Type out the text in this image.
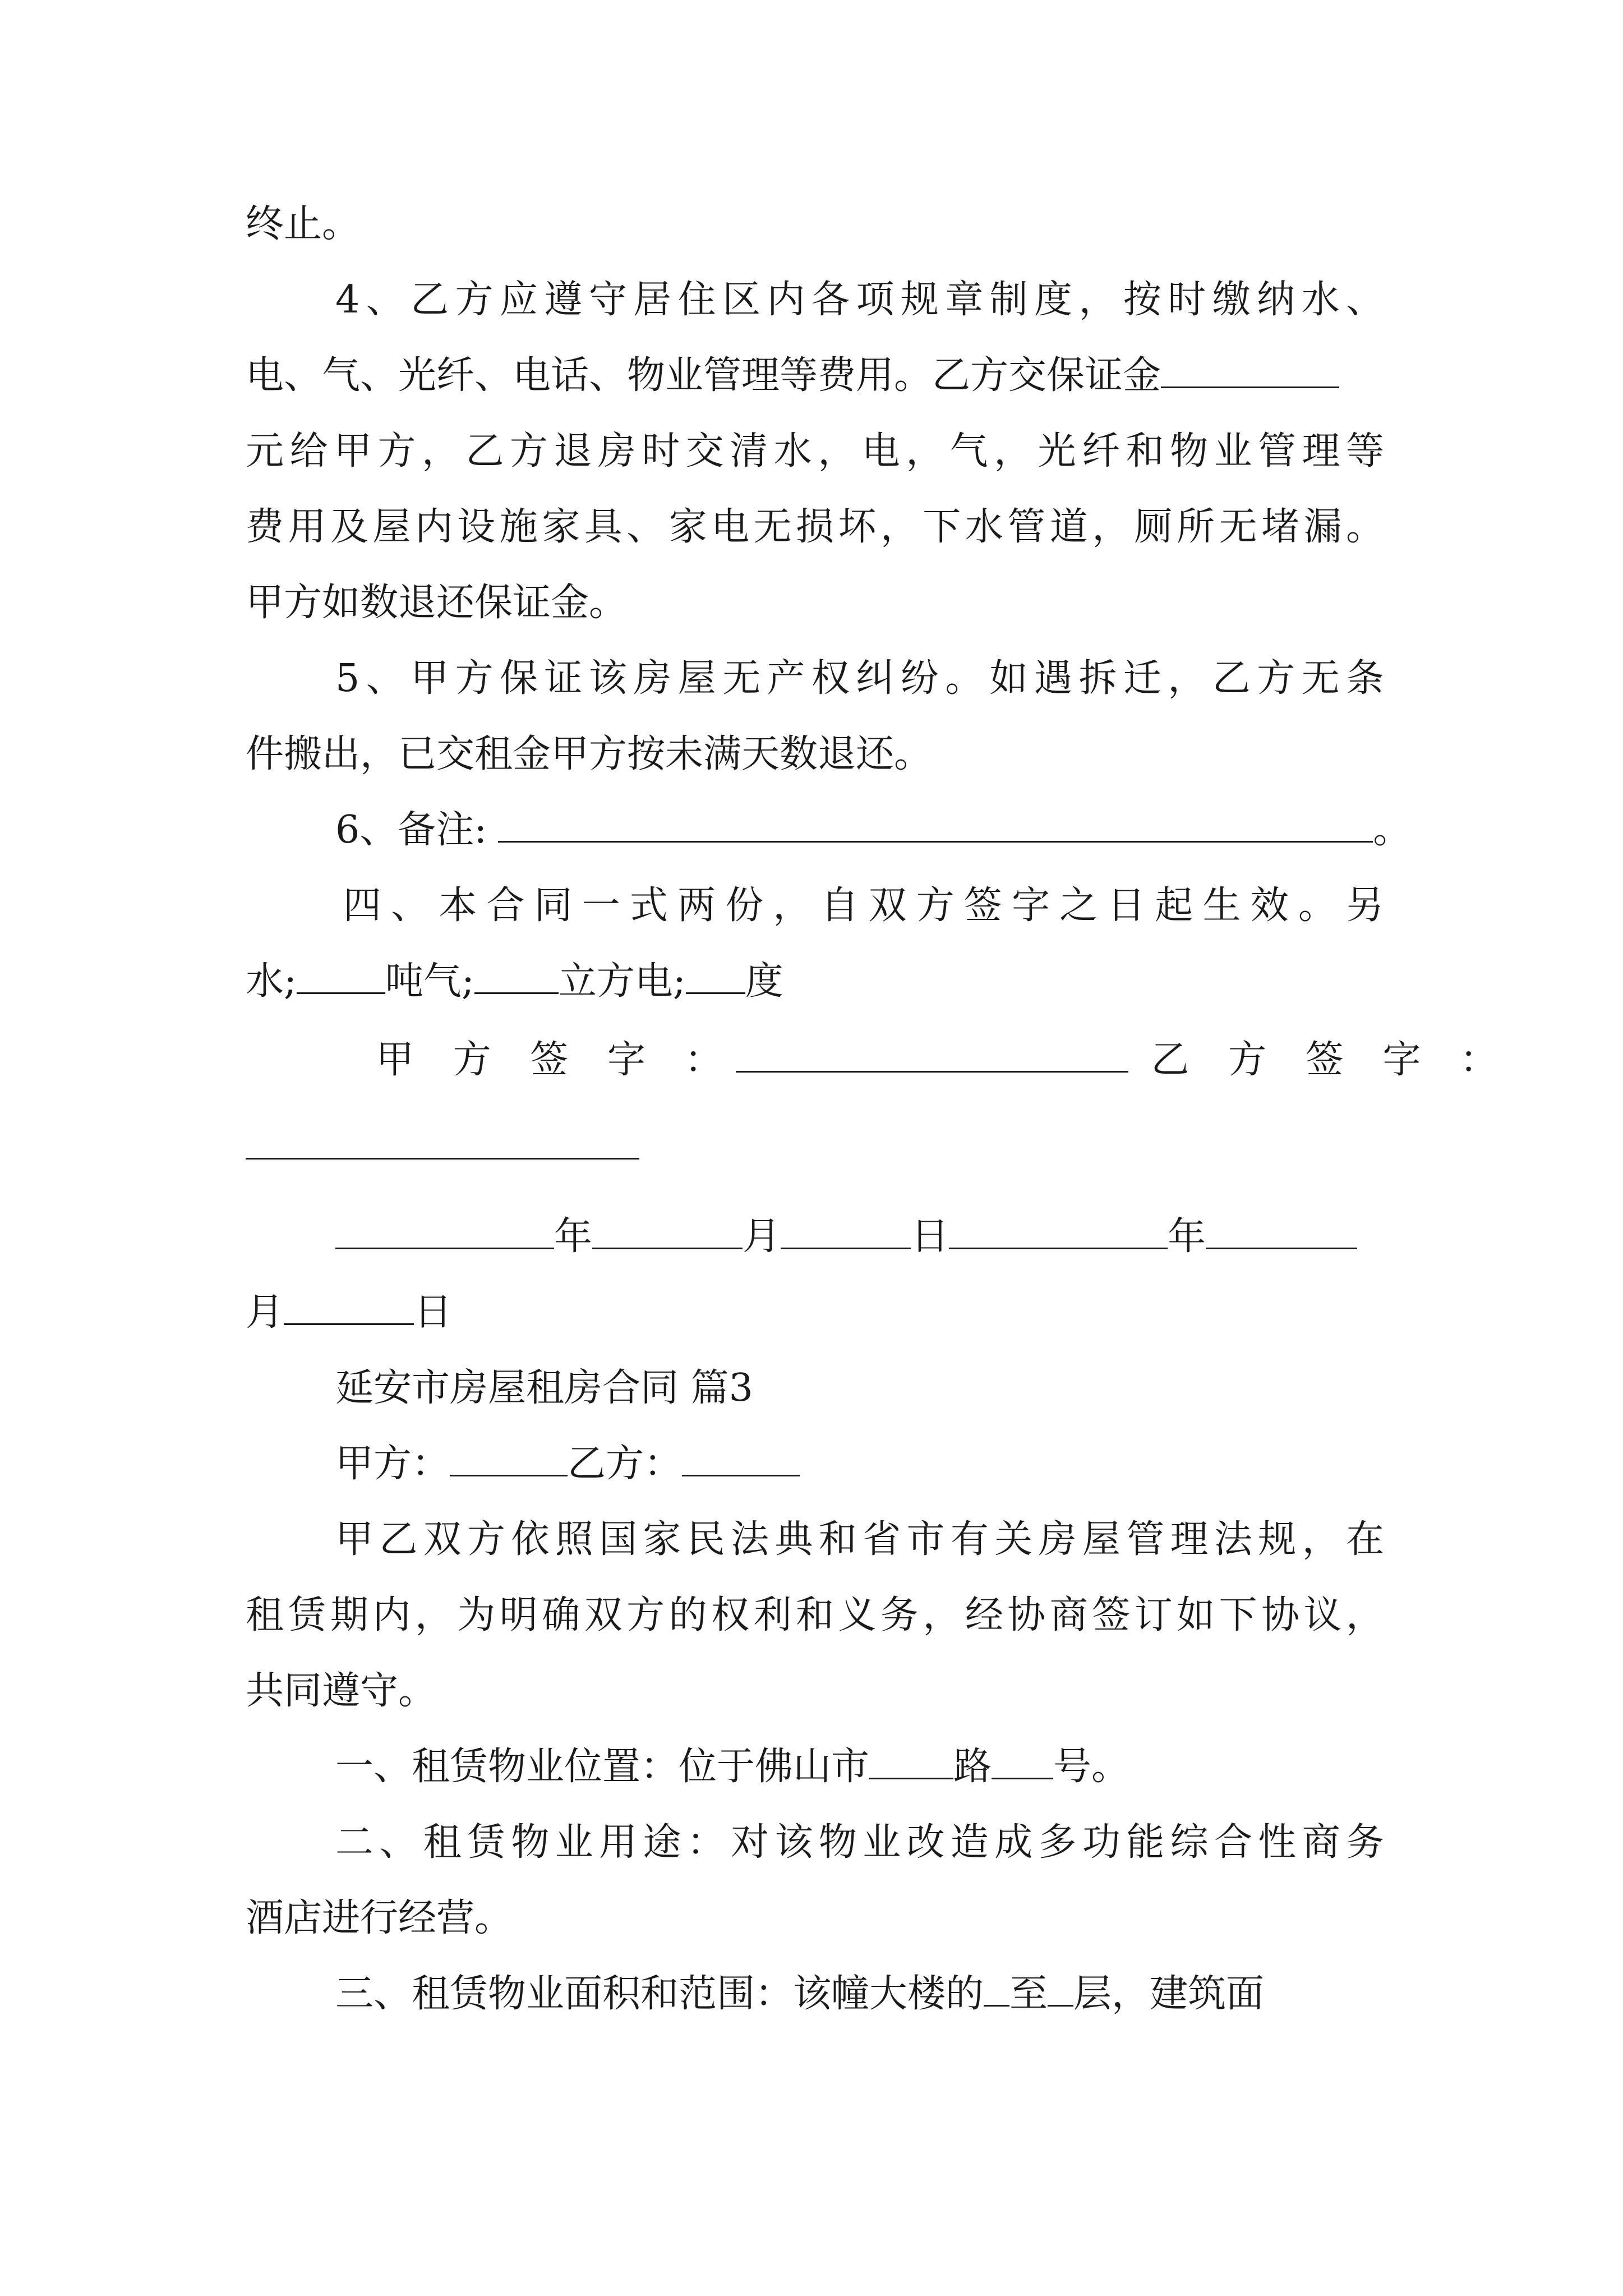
终止。

4、乙方应遵守居住区内各项规章制度，按时缴纳水、

电、气、光纤、电话、物业管理等费用。乙方交保证金

元给甲方，乙方退房时交清水，电，气，光纤和物业管理等

费用及屋内设施家具、家电无损坏，下水管道，厕所无堵漏。

甲方如数退还保证金。

5、甲方保证该房屋无产权纠纷。如遇拆迁，乙方无条

件搬出，已交租金甲方按未满天数退还。

6、备注:	。

四、本合同一式两份，自双方签字之日起生效。另

水; 吨气; 立方电; 度

甲 方 签 字 ：	乙 方 签 字 ：

年	月	日	年

月	日

延安市房屋租房合同 篇3

甲方：	乙方：

甲乙双方依照国家民法典和省市有关房屋管理法规，在

租赁期内，为明确双方的权利和义务，经协商签订如下协议，

共同遵守。

一、租赁物业位置：位于佛山市 路 号。

二、租赁物业用途：对该物业改造成多功能综合性商务

酒店进行经营。

三、租赁物业面积和范围：该幢大楼的 至 层，建筑面
